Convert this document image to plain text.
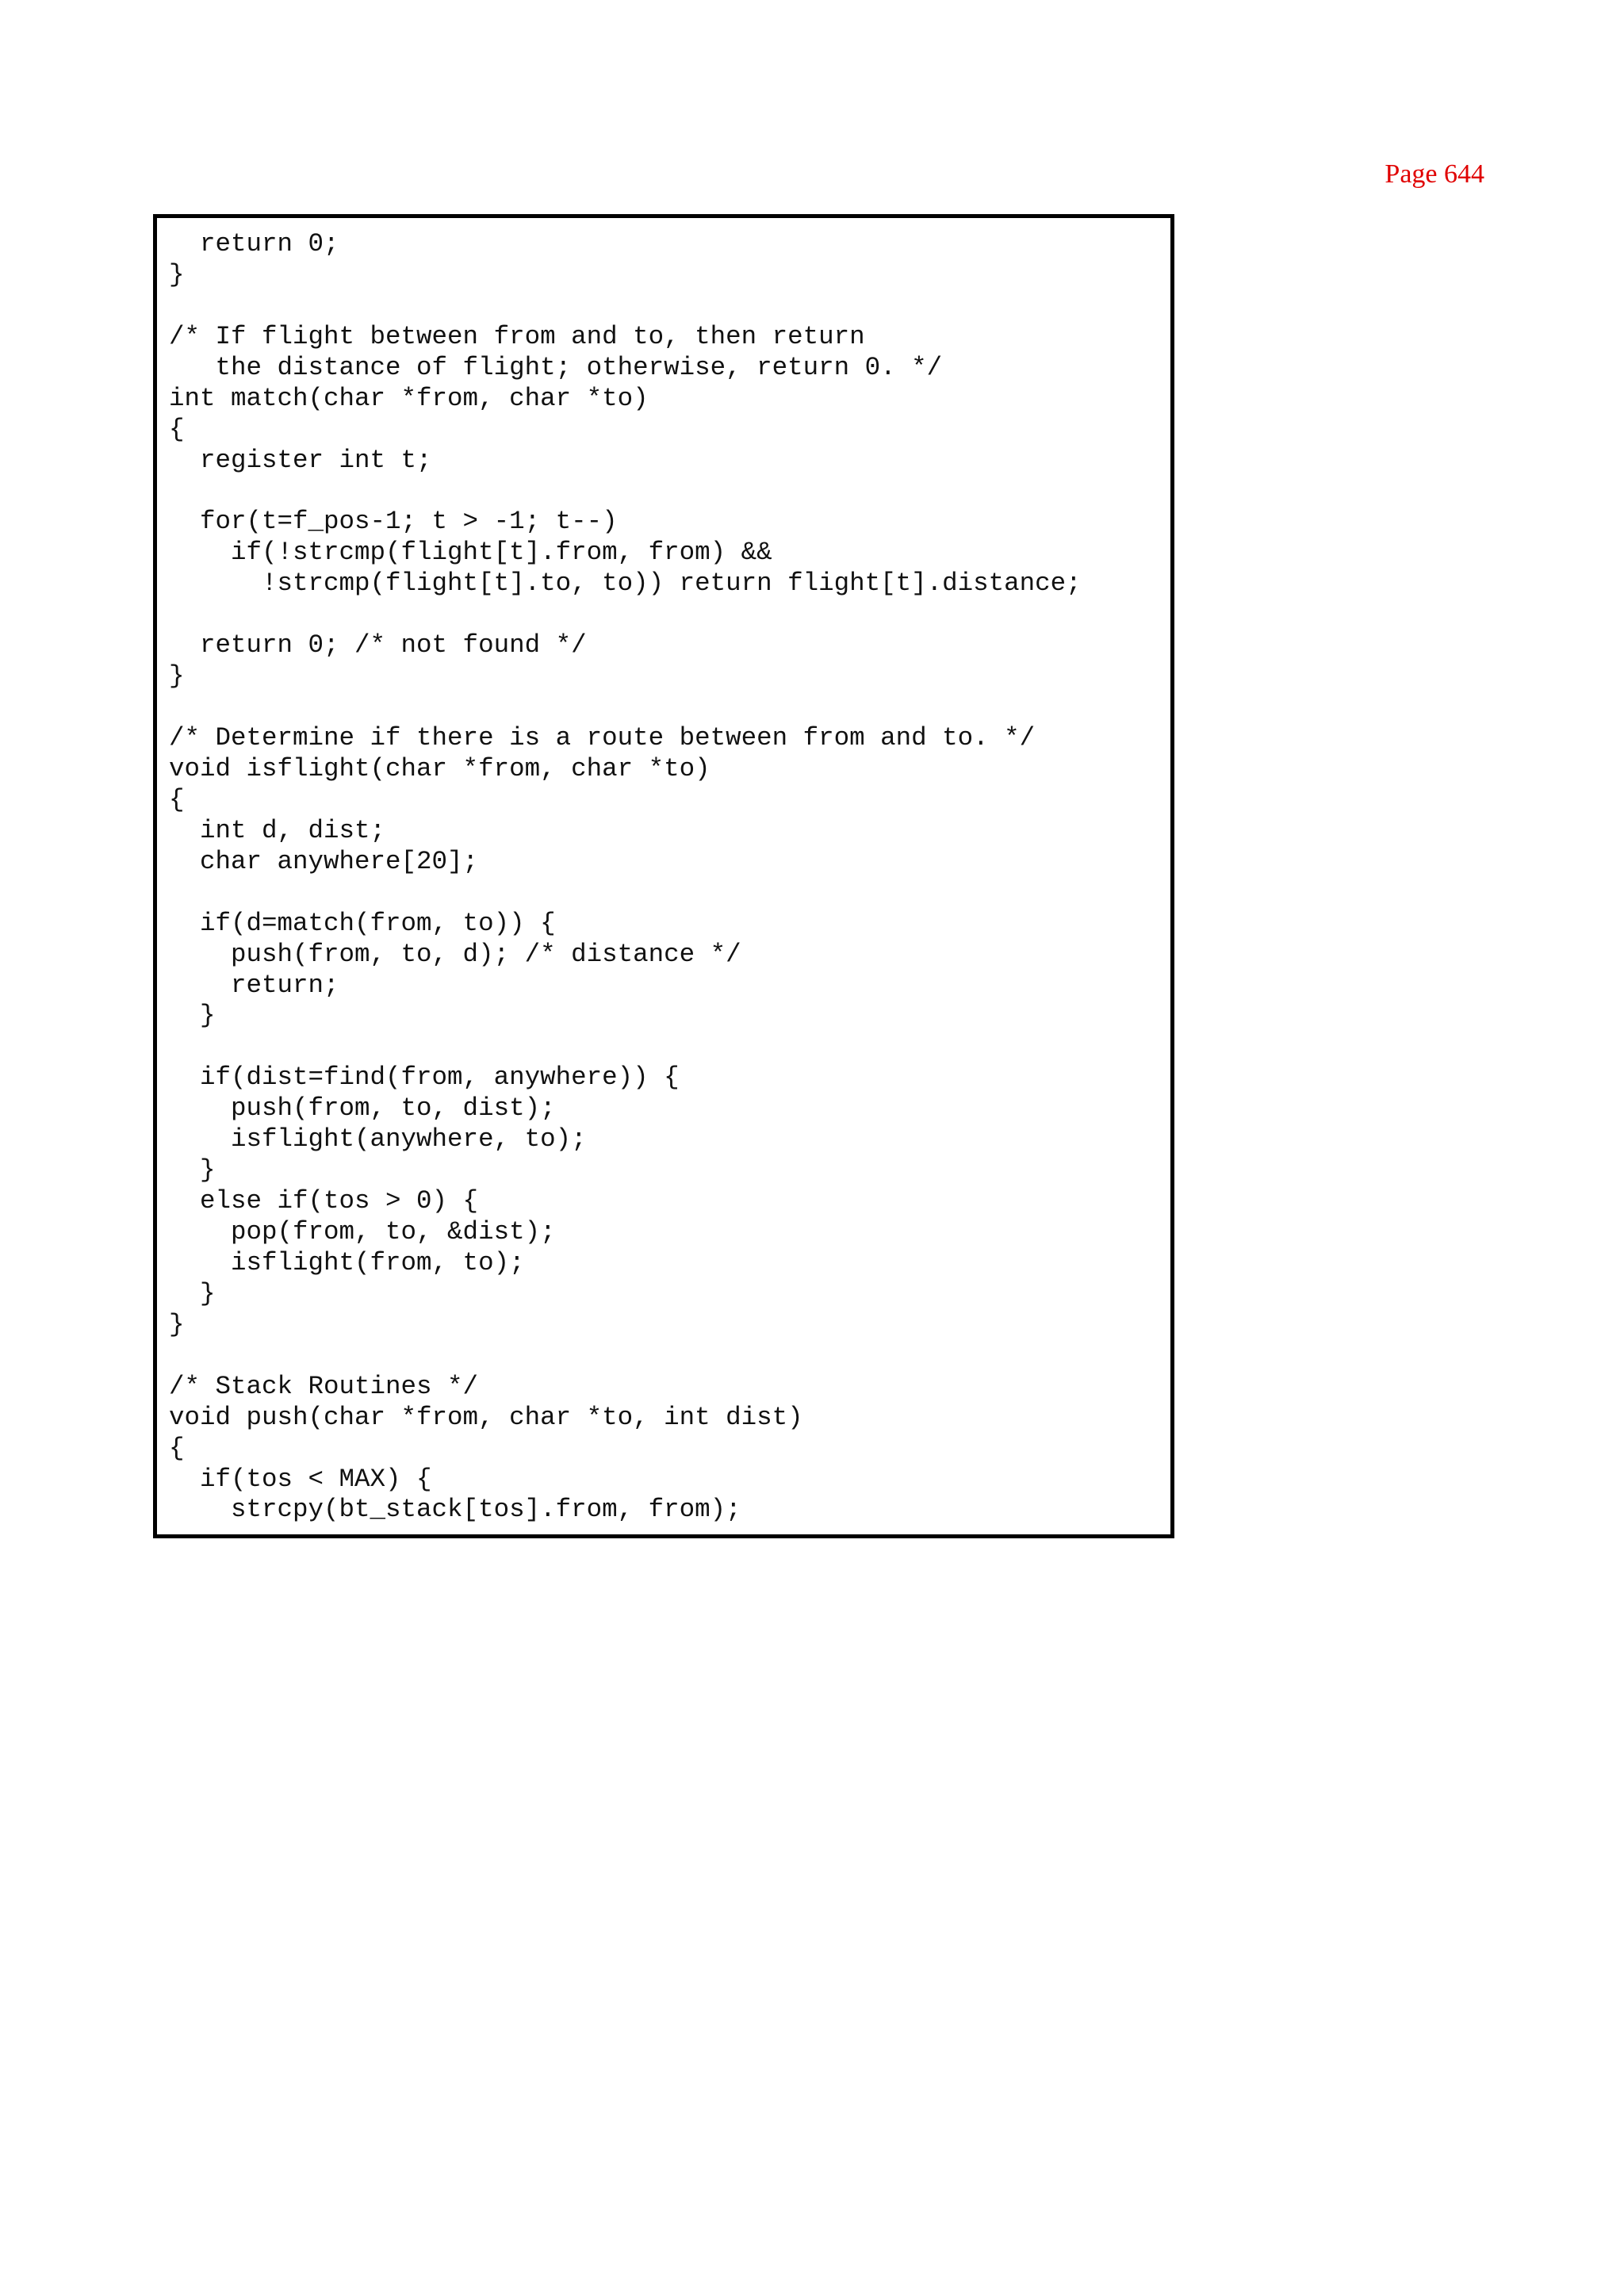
Page 644
return 0;
}
/* If flight between from and to, then return
the distance of flight; otherwise, return 0. */
int match(char *from, char *to)
{
register int t;
for(t=f_pos-1; t > -1; t--)
if(!strcmp(flight[t].from, from) &&
!strcmp(flight[t].to, to)) return flight[t].distance;
return 0; /* not found */
}
/* Determine if there is a route between from and to. */
void isflight(char *from, char *to)
{
int d, dist;
char anywhere[20];
if(d=match(from, to)) {
push(from, to, d); /* distance */
return;
}
if(dist=find(from, anywhere)) {
push(from, to, dist);
isflight(anywhere, to);
}
else if(tos > 0) {
pop(from, to, &dist);
isflight(from, to);
}
}
/* Stack Routines */
void push(char *from, char *to, int dist)
{
if(tos < MAX) {
strcpy(bt_stack[tos].from, from);
